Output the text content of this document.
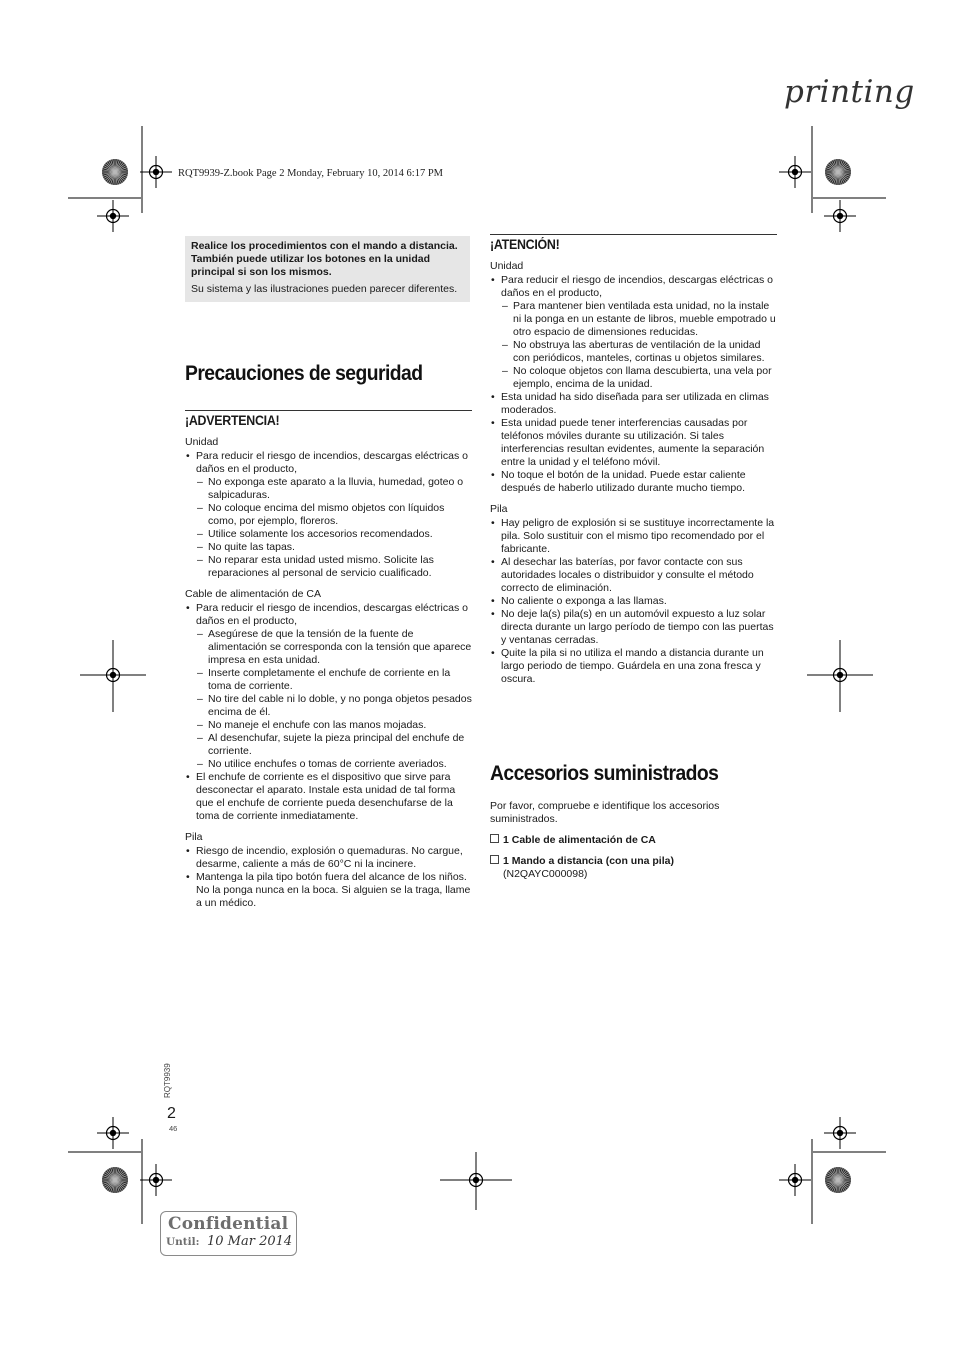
printing
RQT9939-Z.book Page 2 Monday, February 10, 2014 6:17 PM
Realice los procedimientos con el mando a distancia. También puede utilizar los botones en la unidad principal si son los mismos.
Su sistema y las ilustraciones pueden parecer diferentes.
Precauciones de seguridad
¡ADVERTENCIA!
Unidad
• Para reducir el riesgo de incendios, descargas eléctricas o daños en el producto,
– No exponga este aparato a la lluvia, humedad, goteo o salpicaduras.
– No coloque encima del mismo objetos con líquidos como, por ejemplo, floreros.
– Utilice solamente los accesorios recomendados.
– No quite las tapas.
– No reparar esta unidad usted mismo. Solicite las reparaciones al personal de servicio cualificado.
Cable de alimentación de CA
• Para reducir el riesgo de incendios, descargas eléctricas o daños en el producto,
– Asegúrese de que la tensión de la fuente de alimentación se corresponda con la tensión que aparece impresa en esta unidad.
– Inserte completamente el enchufe de corriente en la toma de corriente.
– No tire del cable ni lo doble, y no ponga objetos pesados encima de él.
– No maneje el enchufe con las manos mojadas.
– Al desenchufar, sujete la pieza principal del enchufe de corriente.
– No utilice enchufes o tomas de corriente averiados.
• El enchufe de corriente es el dispositivo que sirve para desconectar el aparato. Instale esta unidad de tal forma que el enchufe de corriente pueda desenchufarse de la toma de corriente inmediatamente.
Pila
• Riesgo de incendio, explosión o quemaduras. No cargue, desarme, caliente a más de 60°C ni la incinere.
• Mantenga la pila tipo botón fuera del alcance de los niños. No la ponga nunca en la boca. Si alguien se la traga, llame a un médico.
¡ATENCIÓN!
Unidad
• Para reducir el riesgo de incendios, descargas eléctricas o daños en el producto,
– Para mantener bien ventilada esta unidad, no la instale ni la ponga en un estante de libros, mueble empotrado u otro espacio de dimensiones reducidas.
– No obstruya las aberturas de ventilación de la unidad con periódicos, manteles, cortinas u objetos similares.
– No coloque objetos con llama descubierta, una vela por ejemplo, encima de la unidad.
• Esta unidad ha sido diseñada para ser utilizada en climas moderados.
• Esta unidad puede tener interferencias causadas por teléfonos móviles durante su utilización. Si tales interferencias resultan evidentes, aumente la separación entre la unidad y el teléfono móvil.
• No toque el botón de la unidad. Puede estar caliente después de haberlo utilizado durante mucho tiempo.
Pila
• Hay peligro de explosión si se sustituye incorrectamente la pila. Solo sustituir con el mismo tipo recomendado por el fabricante.
• Al desechar las baterías, por favor contacte con sus autoridades locales o distribuidor y consulte el método correcto de eliminación.
• No caliente o exponga a las llamas.
• No deje la(s) pila(s) en un automóvil expuesto a luz solar directa durante un largo período de tiempo con las puertas y ventanas cerradas.
• Quite la pila si no utiliza el mando a distancia durante un largo periodo de tiempo. Guárdela en una zona fresca y oscura.
Accesorios suministrados
Por favor, compruebe e identifique los accesorios suministrados.
1 Cable de alimentación de CA
1 Mando a distancia (con una pila)
(N2QAYC000098)
RQT9939
2
46
Confidential
Until: 10 Mar 2014
